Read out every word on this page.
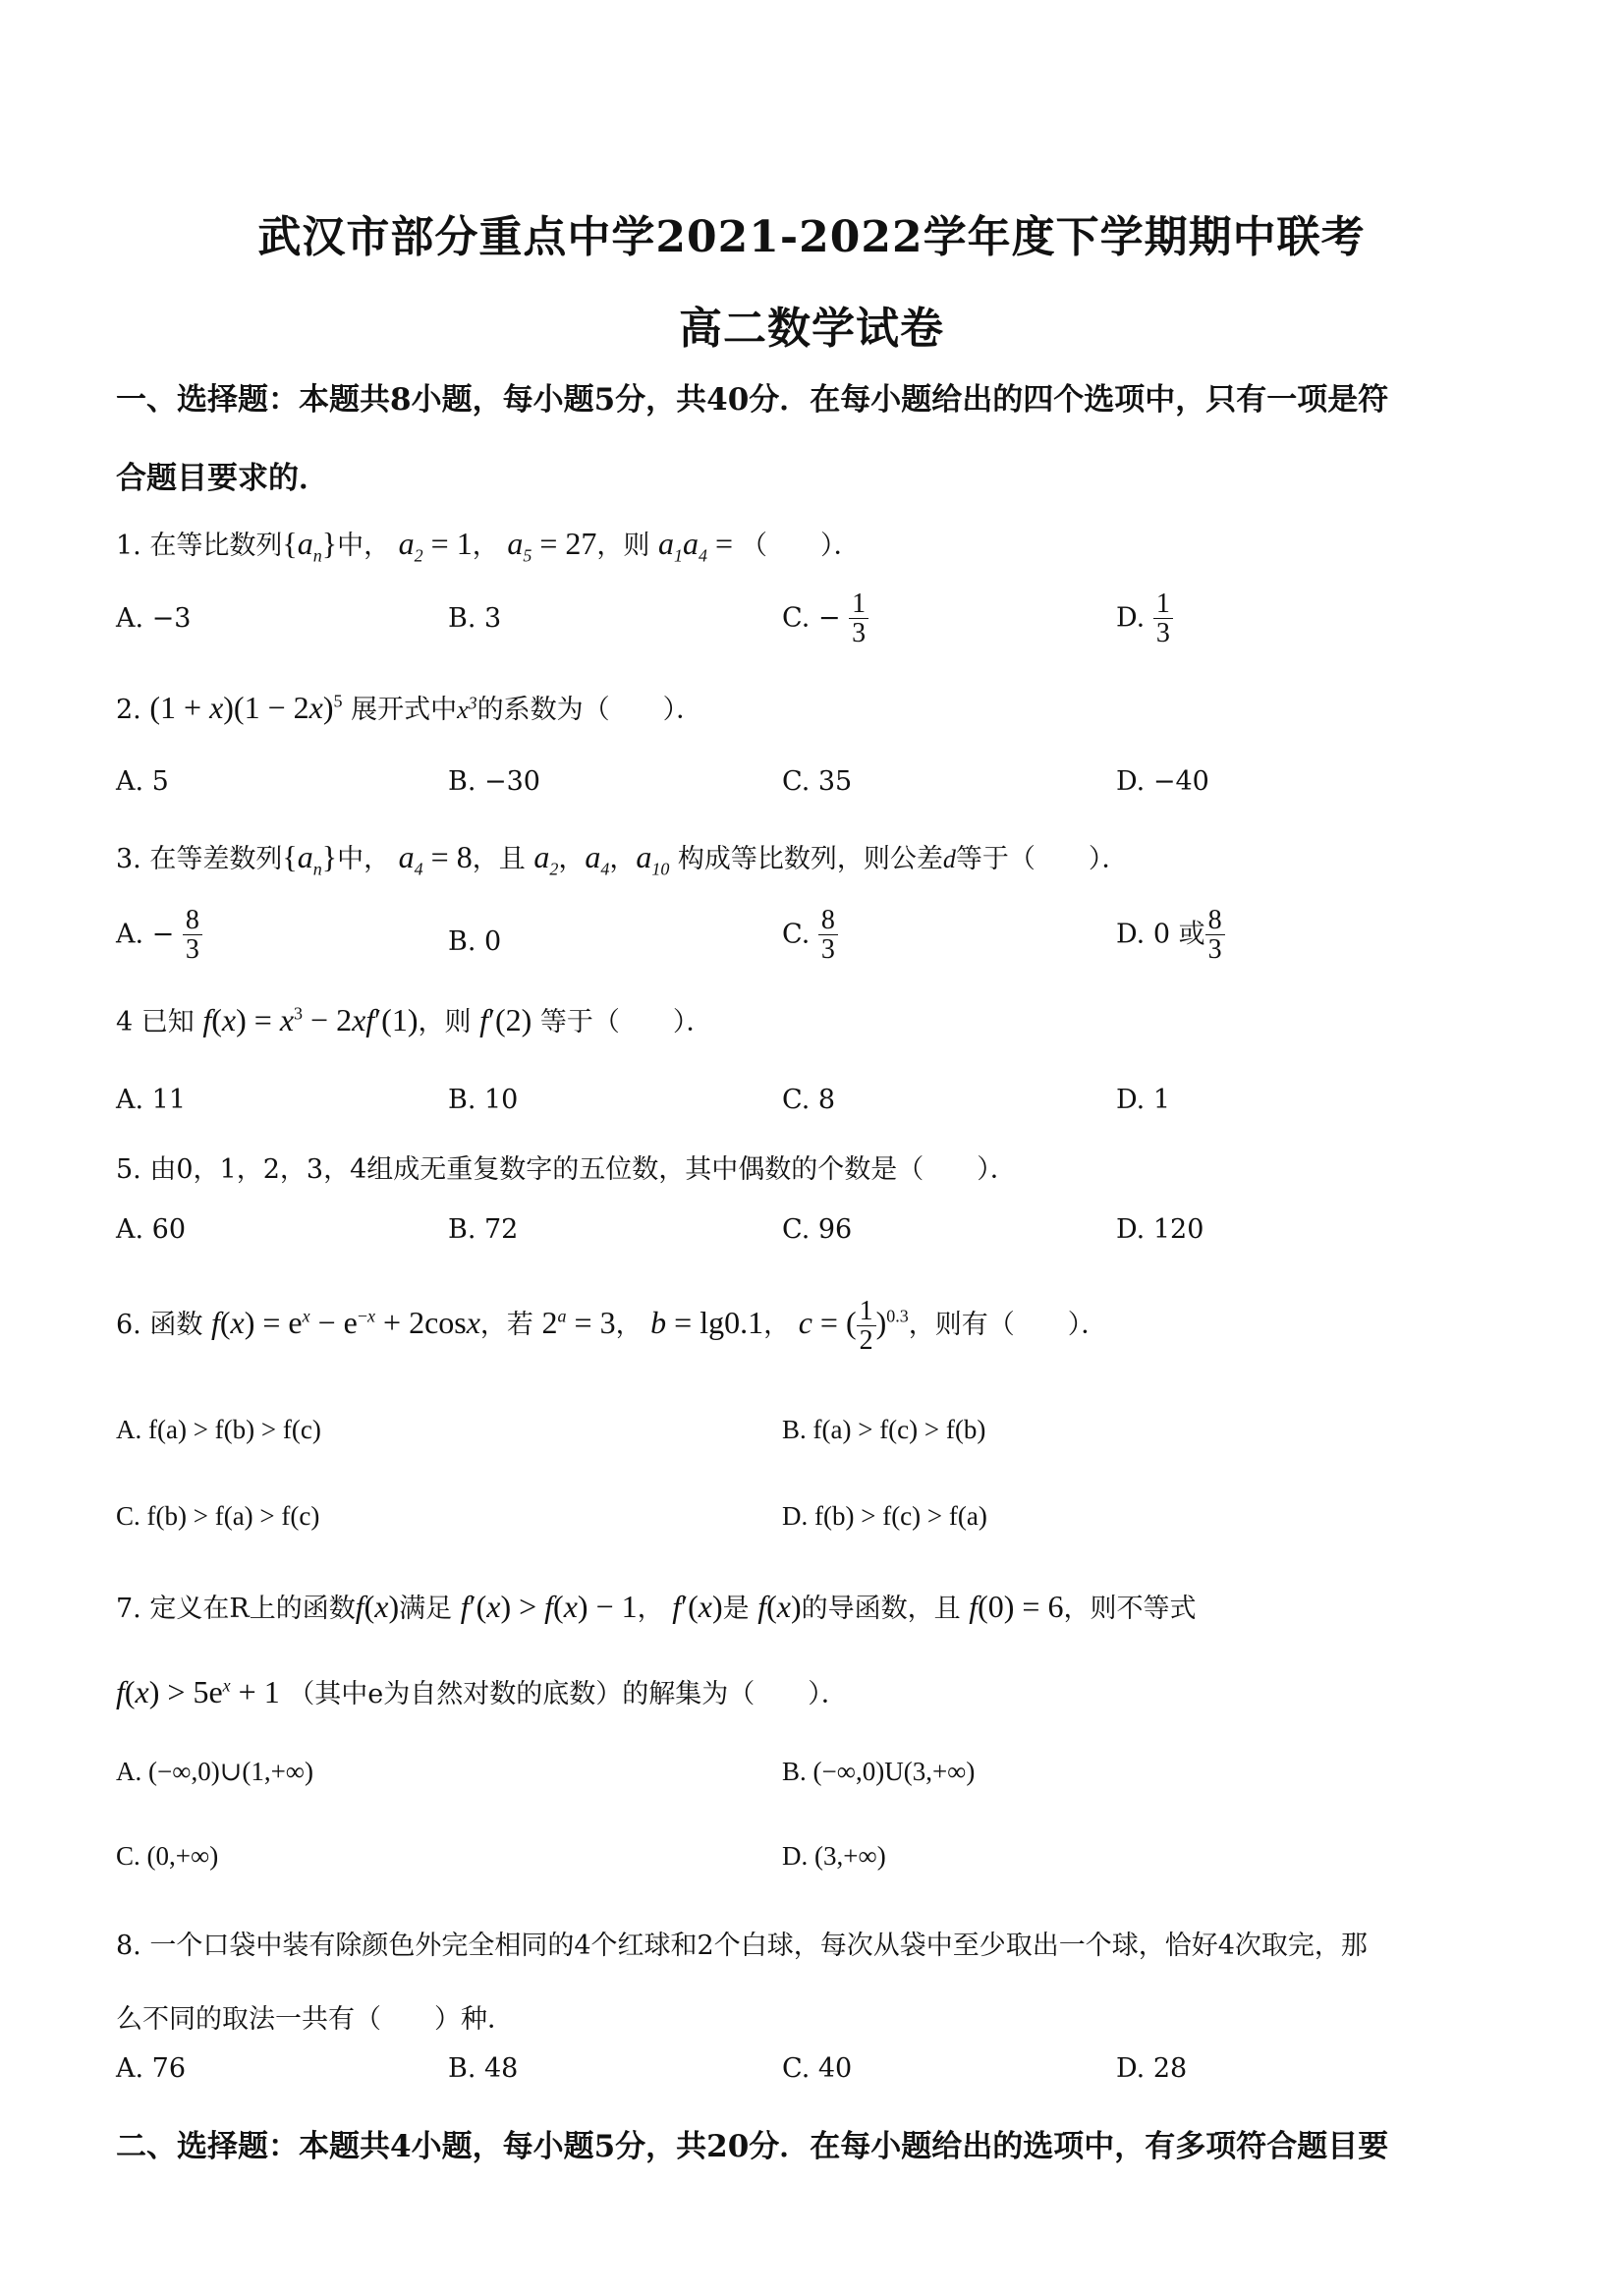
武汉市部分重点中学2021-2022学年度下学期期中联考
高二数学试卷
一、选择题：本题共8小题，每小题5分，共40分．在每小题给出的四个选项中，只有一项是符
合题目要求的．
1. 在等比数列$\{a_n\}$中， $a_2 = 1$， $a_5 = 27$，则 $a_1a_4$ = （　　）．
A. −3	B. 3	C. − $\frac{1}{3}$	D. $\frac{1}{3}$
2. $(1 + x)(1 - 2x)^5$ 展开式中$x^3$的系数为（　　）．
A. 5	B. −30	C. 35	D. −40
3. 在等差数列$\{a_n\}$中， $a_4 = 8$，且 $a_2$，$a_4$，$a_{10}$ 构成等比数列，则公差d等于（　　）．
A. − $\frac{8}{3}$	B. 0	C. $\frac{8}{3}$	D. 0 或 $\frac{8}{3}$
4 已知 $f(x) = x^3 - 2xf'(1)$，则 f′(2) 等于（　　）．
A. 11	B. 10	C. 8	D. 1
5. 由0，1，2，3，4组成无重复数字的五位数，其中偶数的个数是（　　）．
A. 60	B. 72	C. 96	D. 120
6. 函数 $f(x) = e^x - e^{-x} + 2\cos x$，若 $2^a = 3$， b = lg0.1， c = ( $\frac{1}{2} )^{0.3}$，则有（　　）．
A. f(a) > f(b) > f(c)	B. f(a) > f(c) > f(b)
C. f(b) > f(a) > f(c)	D. f(b) > f(c) > f(a)
7. 定义在R上的函数f(x)满足 f′(x) > f(x) − 1， f′(x)是 f(x)的导函数，且 f(0) = 6，则不等式
$f(x) > 5e^x + 1$ （其中e为自然对数的底数）的解集为（　　）．
A. (−∞,0)∪(1,+∞)	B. (−∞,0)U(3,+∞)
C. (0,+∞)	D. (3,+∞)
8. 一个口袋中装有除颜色外完全相同的4个红球和2个白球，每次从袋中至少取出一个球，恰好4次取完，那
么不同的取法一共有（　　）种．
A. 76	B. 48	C. 40	D. 28
二、选择题：本题共4小题，每小题5分，共20分．在每小题给出的选项中，有多项符合题目要
